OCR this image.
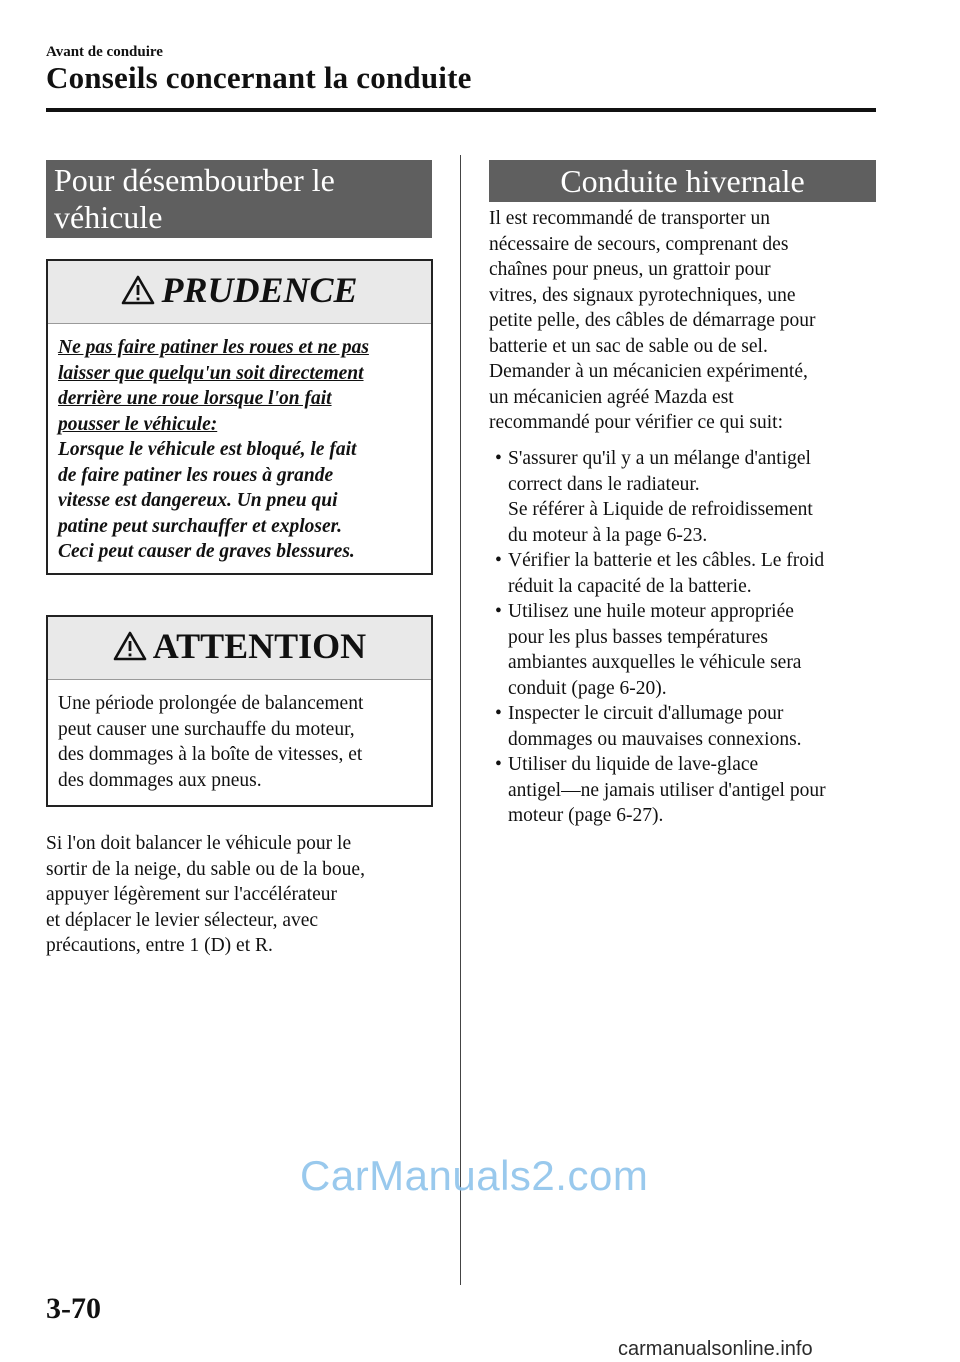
Avant de conduire
Conseils concernant la conduite
Pour désembourber le véhicule
PRUDENCE
Ne pas faire patiner les roues et ne pas
laisser que quelqu'un soit directement
derrière une roue lorsque l'on fait
pousser le véhicule:
Lorsque le véhicule est bloqué, le fait
de faire patiner les roues à grande
vitesse est dangereux. Un pneu qui
patine peut surchauffer et exploser.
Ceci peut causer de graves blessures.
ATTENTION
Une période prolongée de balancement
peut causer une surchauffe du moteur,
des dommages à la boîte de vitesses, et
des dommages aux pneus.
Si l'on doit balancer le véhicule pour le
sortir de la neige, du sable ou de la boue,
appuyer légèrement sur l'accélérateur
et déplacer le levier sélecteur, avec
précautions, entre 1 (D) et R.
Conduite hivernale
Il est recommandé de transporter un
nécessaire de secours, comprenant des
chaînes pour pneus, un grattoir pour
vitres, des signaux pyrotechniques, une
petite pelle, des câbles de démarrage pour
batterie et un sac de sable ou de sel.
Demander à un mécanicien expérimenté,
un mécanicien agréé Mazda est
recommandé pour vérifier ce qui suit:
• S'assurer qu'il y a un mélange d'antigel
correct dans le radiateur.
Se référer à Liquide de refroidissement
du moteur à la page 6-23.
• Vérifier la batterie et les câbles. Le froid
réduit la capacité de la batterie.
• Utilisez une huile moteur appropriée
pour les plus basses températures
ambiantes auxquelles le véhicule sera
conduit (page 6-20).
• Inspecter le circuit d'allumage pour
dommages ou mauvaises connexions.
• Utiliser du liquide de lave-glace
antigel—ne jamais utiliser d'antigel pour
moteur (page 6-27).
CarManuals2.com
3-70
carmanualsonline.info
